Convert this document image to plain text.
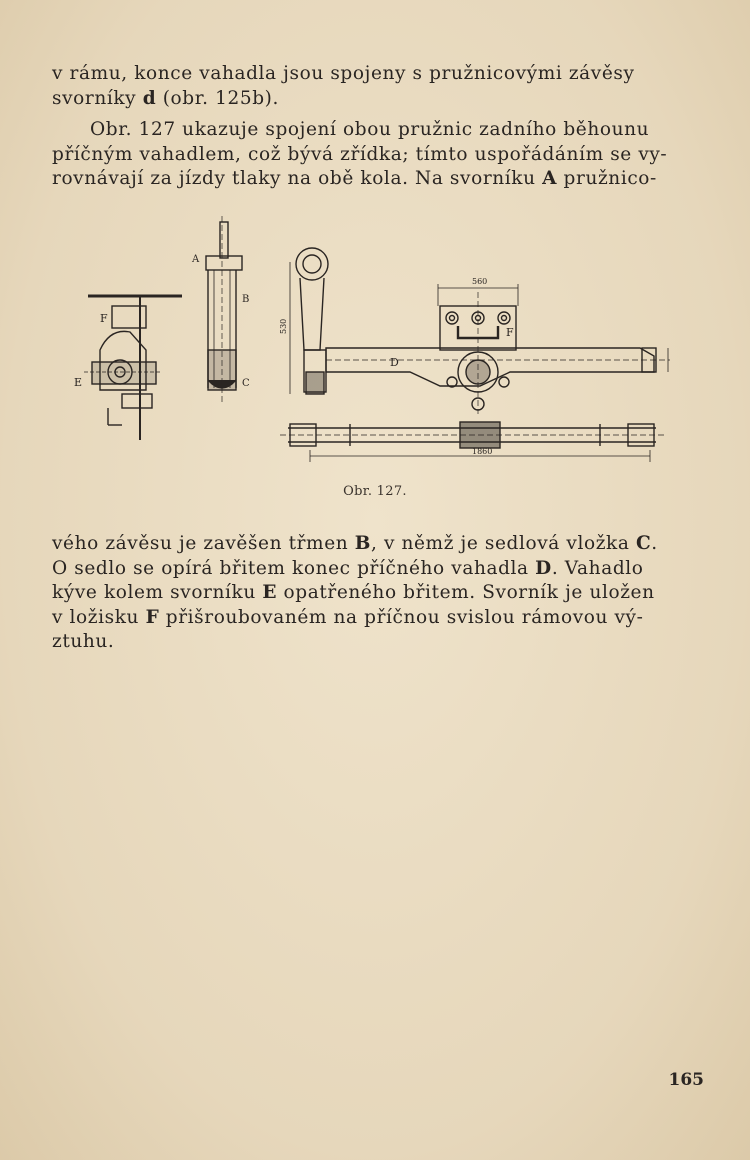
v rámu, konce vahadla jsou spojeny s pružnicovými závěsy
svorníky d (obr. 125b).
Obr. 127 ukazuje spojení obou pružnic zadního běhounu
příčným vahadlem, což bývá zřídka; tímto uspořádáním se vy-
rovnávají za jízdy tlaky na obě kola. Na svorníku A pružnico-
F
E
A
B
C
560
530
D
F
1860
Obr. 127.
vého závěsu je zavěšen třmen B, v němž je sedlová vložka C.
O sedlo se opírá břitem konec příčného vahadla D. Vahadlo
kýve kolem svorníku E opatřeného břitem. Svorník je uložen
v ložisku F přišroubovaném na příčnou svislou rámovou vý-
ztuhu.
165
